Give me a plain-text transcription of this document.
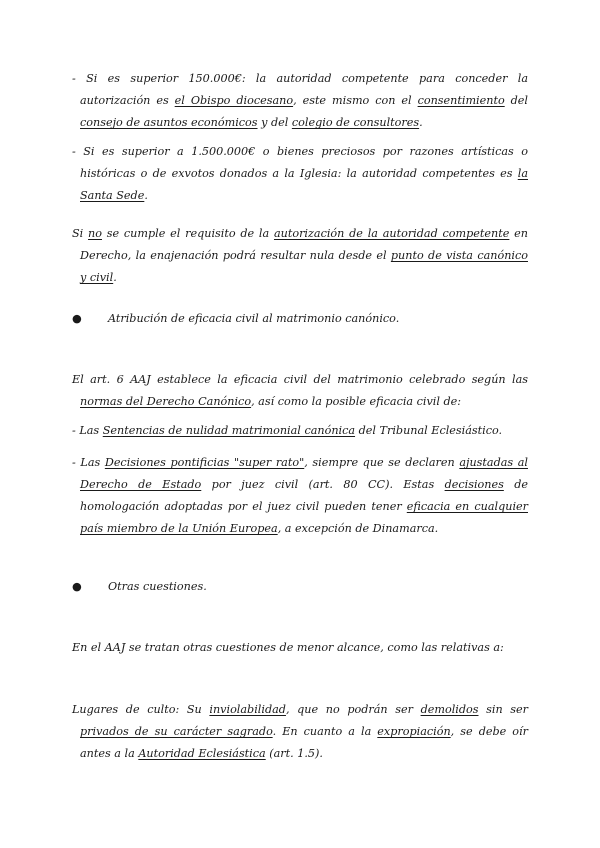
- Si es superior 150.000€: la autoridad competente para conceder la autorización es el Obispo diocesano, este mismo con el consentimiento del consejo de asuntos económicos y del colegio de consultores.

- Si es superior a 1.500.000€ o bienes preciosos por razones artísticas o históricas o de exvotos donados a la Iglesia: la autoridad competentes es la Santa Sede.

Si no se cumple el requisito de la autorización de la autoridad competente en Derecho, la enajenación podrá resultar nula desde el punto de vista canónico y civil.

● Atribución de eficacia civil al matrimonio canónico.

El art. 6 AAJ establece la eficacia civil del matrimonio celebrado según las normas del Derecho Canónico, así como la posible eficacia civil de:

- Las Sentencias de nulidad matrimonial canónica del Tribunal Eclesiástico.

- Las Decisiones pontificias "super rato", siempre que se declaren ajustadas al Derecho de Estado por juez civil (art. 80 CC). Estas decisiones de homologación adoptadas por el juez civil pueden tener eficacia en cualquier país miembro de la Unión Europea, a excepción de Dinamarca.

● Otras cuestiones.

En el AAJ se tratan otras cuestiones de menor alcance, como las relativas a:

Lugares de culto: Su inviolabilidad, que no podrán ser demolidos sin ser privados de su carácter sagrado. En cuanto a la expropiación, se debe oír antes a la Autoridad Eclesiástica (art. 1.5).
